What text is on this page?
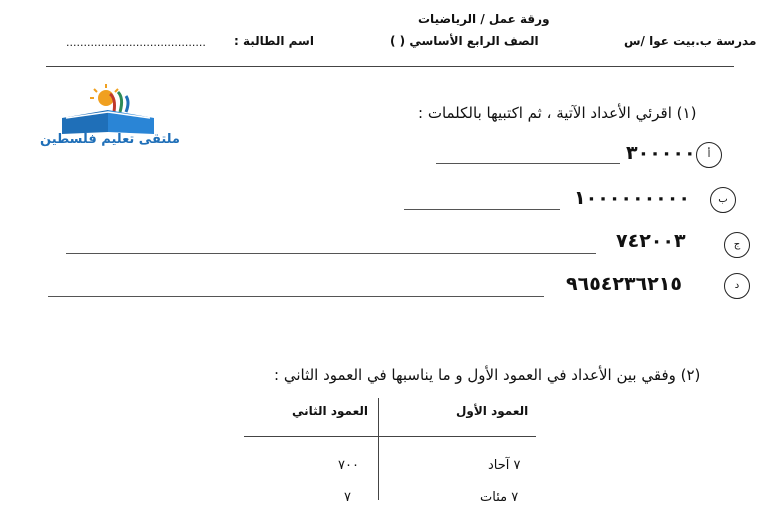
ورقة عمل / الرياضيات
الصف الرابع الأساسي ( )	مدرسة ب.بيت عوا /س
اسم الطالبة :
........................................
ملتقى تعليم فلسطين
(١) اقرئي الأعداد الآتية ، ثم اكتبيها بالكلمات :
أ
٣٠٠٠٠٠
ب
١٠٠٠٠٠٠٠٠٠
ج
٧٤٢٠٠٣
د
٩٦٥٤٢٣٦٢١٥
(٢) وفقي بين الأعداد في العمود الأول و ما يناسبها في العمود الثاني :
العمود الأول
العمود الثاني
٧ آحاد
٧٠٠
٧ مئات
٧
